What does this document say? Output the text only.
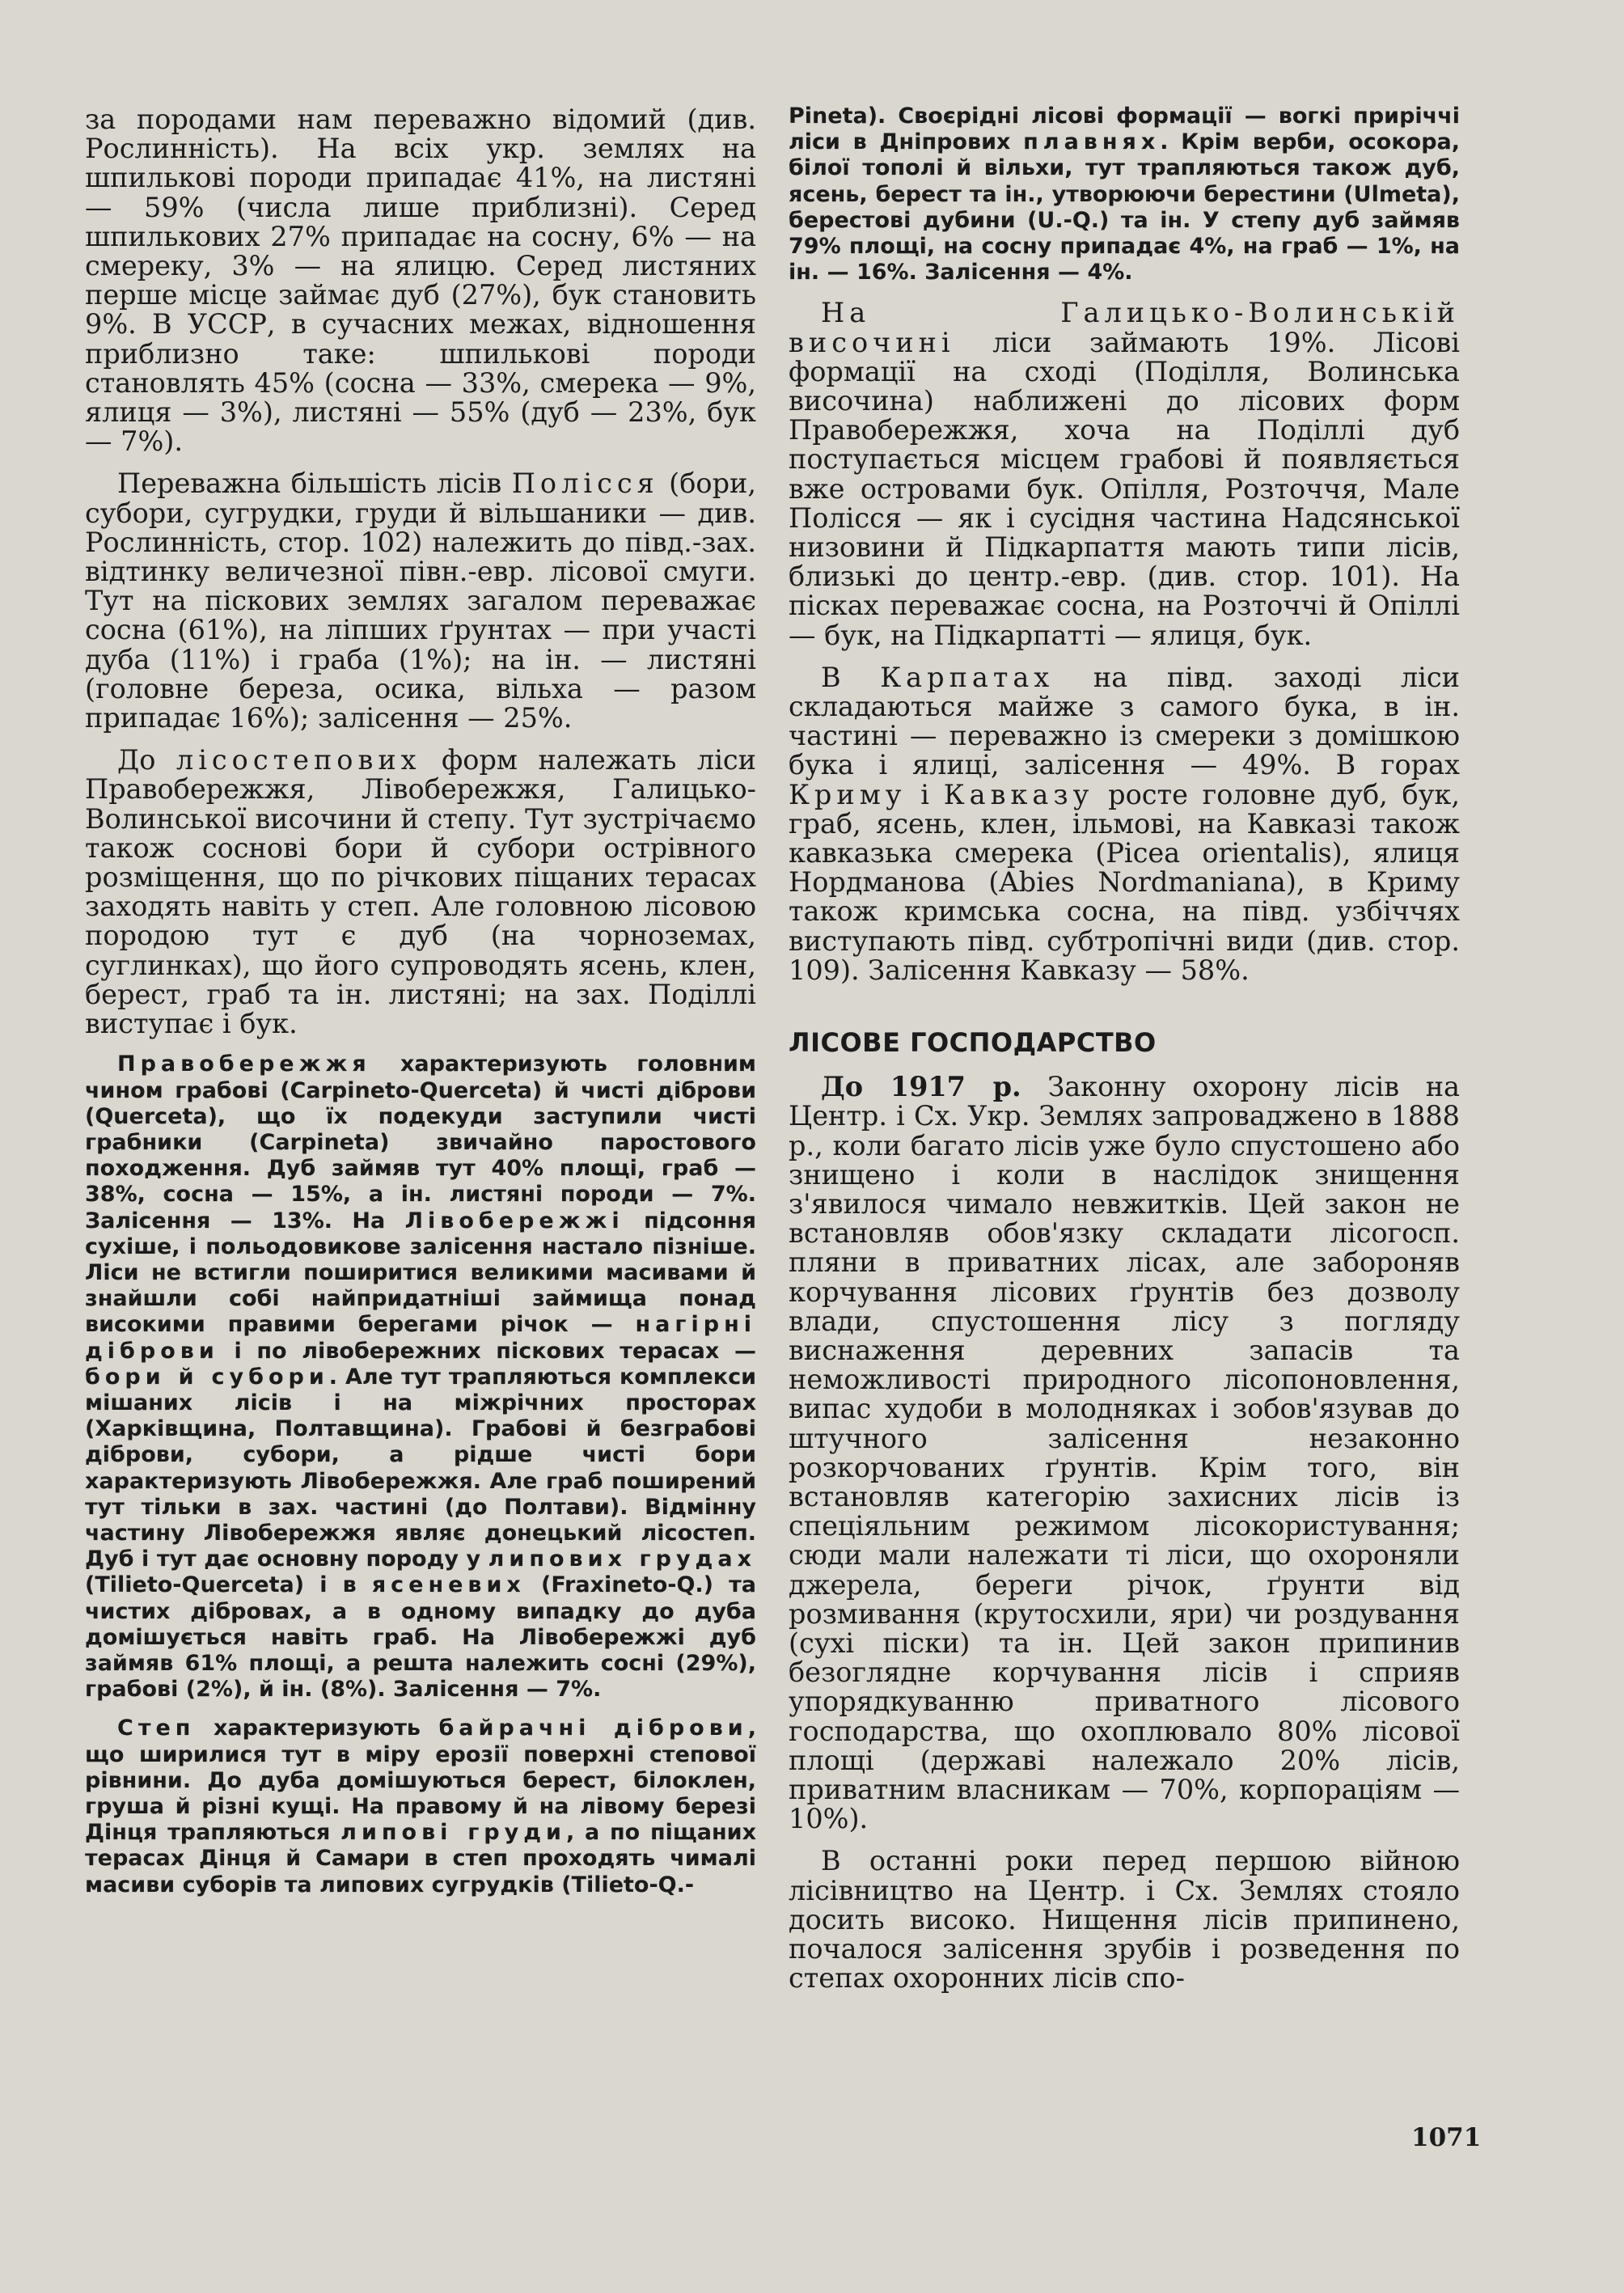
за породами нам переважно відомий (див. Рослинність). На всіх укр. землях на шпилькові породи припадає 41%, на листяні — 59% (числа лише приблизні). Серед шпилькових 27% припадає на сосну, 6% — на смереку, 3% — на ялицю. Серед листяних перше місце займає дуб (27%), бук становить 9%. В УССР, в сучасних межах, відношення приблизно таке: шпилькові породи становлять 45% (сосна — 33%, смерека — 9%, ялиця — 3%), листяні — 55% (дуб — 23%, бук — 7%).

Переважна більшість лісів Полісся (бори, субори, сугрудки, груди й вільшаники — див. Рослинність, стор. 102) належить до півд.-зах. відтинку величезної півн.-евр. лісової смуги. Тут на піскових землях загалом переважає сосна (61%), на ліпших ґрунтах — при участі дуба (11%) і граба (1%); на ін. — листяні (головне береза, осика, вільха — разом припадає 16%); залісення — 25%.

До лісостепових форм належать ліси Правобережжя, Лівобережжя, Галицько-Волинської височини й степу. Тут зустрічаємо також соснові бори й субори острівного розміщення, що по річкових піщаних терасах заходять навіть у степ. Але головною лісовою породою тут є дуб (на чорноземах, суглинках), що його супроводять ясень, клен, берест, граб та ін. листяні; на зах. Поділлі виступає і бук.

Правобережжя характеризують головним чином грабові (Carpineto-Querceta) й чисті діброви (Querceta), що їх подекуди заступили чисті грабники (Carpineta) звичайно паростового походження. Дуб займяв тут 40% площі, граб — 38%, сосна — 15%, а ін. листяні породи — 7%. Залісення — 13%. На Лівобережжі підсоння сухіше, і польодовикове залісення настало пізніше. Ліси не встигли поширитися великими масивами й знайшли собі найпридатніші займища понад високими правими берегами річок — нагірні діброви і по лівобережних піскових терасах — бори й субори. Але тут трапляються комплекси мішаних лісів і на міжрічних просторах (Харківщина, Полтавщина). Грабові й безграбові діброви, субори, а рідше чисті бори характеризують Лівобережжя. Але граб поширений тут тільки в зах. частині (до Полтави). Відмінну частину Лівобережжя являє донецький лісостеп. Дуб і тут дає основну породу у липових грудах (Tilieto-Querceta) і в ясеневих (Fraxineto-Q.) та чистих дібровах, а в одному випадку до дуба домішується навіть граб. На Лівобережжі дуб займяв 61% площі, а решта належить сосні (29%), грабові (2%), й ін. (8%). Залісення — 7%.

Степ характеризують байрачні діброви, що ширилися тут в міру ерозії поверхні степової рівнини. До дуба домішуються берест, білоклен, груша й різні кущі. На правому й на лівому березі Дінця трапляються липові груди, а по піщаних терасах Дінця й Самари в степ проходять чималі масиви суборів та липових сугрудків (Tilieto-Q.-

Pineta). Своєрідні лісові формації — вогкі приріччі ліси в Дніпрових плавнях. Крім верби, осокора, білої тополі й вільхи, тут трапляються також дуб, ясень, берест та ін., утворюючи берестини (Ulmeta), берестові дубини (U.-Q.) та ін. У степу дуб займяв 79% площі, на сосну припадає 4%, на граб — 1%, на ін. — 16%. Залісення — 4%.

На Галицько-Волинській височині ліси займають 19%. Лісові формації на сході (Поділля, Волинська височина) наближені до лісових форм Правобережжя, хоча на Поділлі дуб поступається місцем грабові й появляється вже островами бук. Опілля, Розточчя, Мале Полісся — як і сусідня частина Надсянської низовини й Підкарпаття мають типи лісів, близькі до центр.-евр. (див. стор. 101). На пісках переважає сосна, на Розточчі й Опіллі — бук, на Підкарпатті — ялиця, бук.

В Карпатах на півд. заході ліси складаються майже з самого бука, в ін. частині — переважно із смереки з домішкою бука і ялиці, залісення — 49%. В горах Криму і Кавказу росте головне дуб, бук, граб, ясень, клен, ільмові, на Кавказі також кавказька смерека (Picea orientalis), ялиця Нордманова (Abies Nordmaniana), в Криму також кримська сосна, на півд. узбіччях виступають півд. субтропічні види (див. стор. 109). Залісення Кавказу — 58%.

ЛІСОВЕ ГОСПОДАРСТВО

До 1917 р. Законну охорону лісів на Центр. і Сх. Укр. Землях запроваджено в 1888 р., коли багато лісів уже було спустошено або знищено і коли в наслідок знищення з'явилося чимало невжитків. Цей закон не встановляв обов'язку складати лісогосп. пляни в приватних лісах, але забороняв корчування лісових ґрунтів без дозволу влади, спустошення лісу з погляду виснаження деревних запасів та неможливості природного лісопоновлення, випас худоби в молодняках і зобов'язував до штучного залісення незаконно розкорчованих ґрунтів. Крім того, він встановляв категорію захисних лісів із спеціяльним режимом лісокористування; сюди мали належати ті ліси, що охороняли джерела, береги річок, ґрунти від розмивання (крутосхили, яри) чи роздування (сухі піски) та ін. Цей закон припинив безоглядне корчування лісів і сприяв упорядкуванню приватного лісового господарства, що охоплювало 80% лісової площі (державі належало 20% лісів, приватним власникам — 70%, корпораціям — 10%).

В останні роки перед першою війною лісівництво на Центр. і Сх. Землях стояло досить високо. Нищення лісів припинено, почалося залісення зрубів і розведення по степах охоронних лісів спо-

1071
